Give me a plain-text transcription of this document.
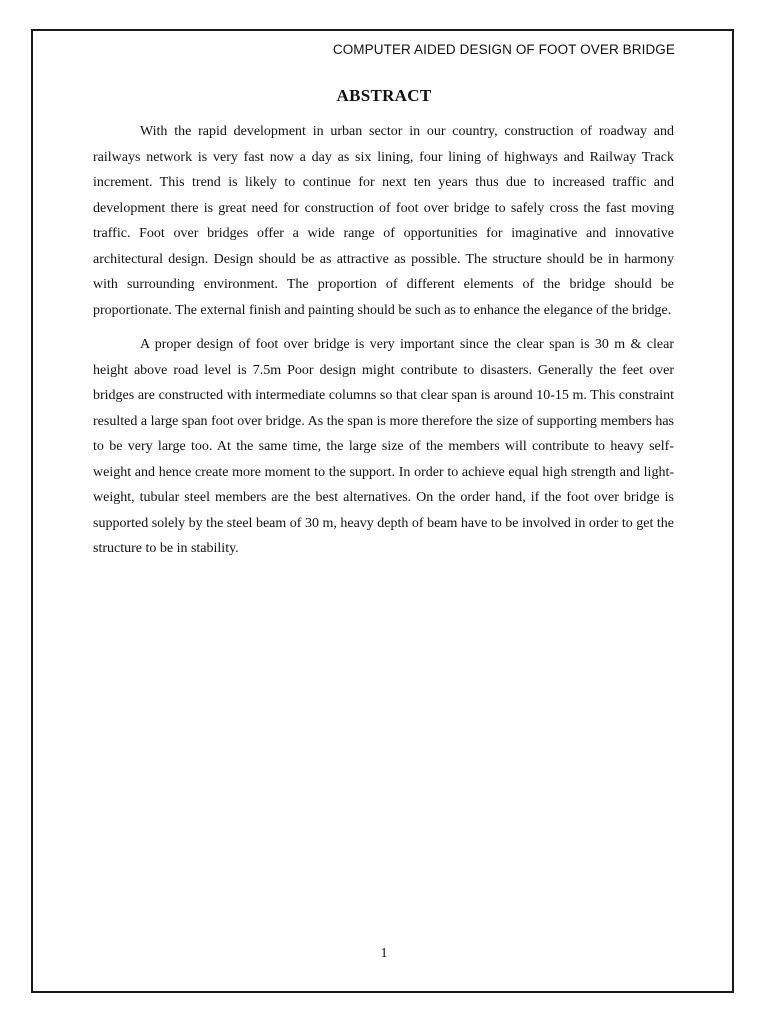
COMPUTER AIDED DESIGN OF FOOT OVER BRIDGE
ABSTRACT

With the rapid development in urban sector in our country, construction of roadway and railways network is very fast now a day as six lining, four lining of highways and Railway Track increment. This trend is likely to continue for next ten years thus due to increased traffic and development there is great need for construction of foot over bridge to safely cross the fast moving traffic. Foot over bridges offer a wide range of opportunities for imaginative and innovative architectural design. Design should be as attractive as possible. The structure should be in harmony with surrounding environment. The proportion of different elements of the bridge should be proportionate. The external finish and painting should be such as to enhance the elegance of the bridge.

A proper design of foot over bridge is very important since the clear span is 30 m & clear height above road level is 7.5m Poor design might contribute to disasters. Generally the feet over bridges are constructed with intermediate columns so that clear span is around 10-15 m. This constraint resulted a large span foot over bridge. As the span is more therefore the size of supporting members has to be very large too. At the same time, the large size of the members will contribute to heavy self-weight and hence create more moment to the support. In order to achieve equal high strength and light-weight, tubular steel members are the best alternatives. On the order hand, if the foot over bridge is supported solely by the steel beam of 30 m, heavy depth of beam have to be involved in order to get the structure to be in stability.

1
